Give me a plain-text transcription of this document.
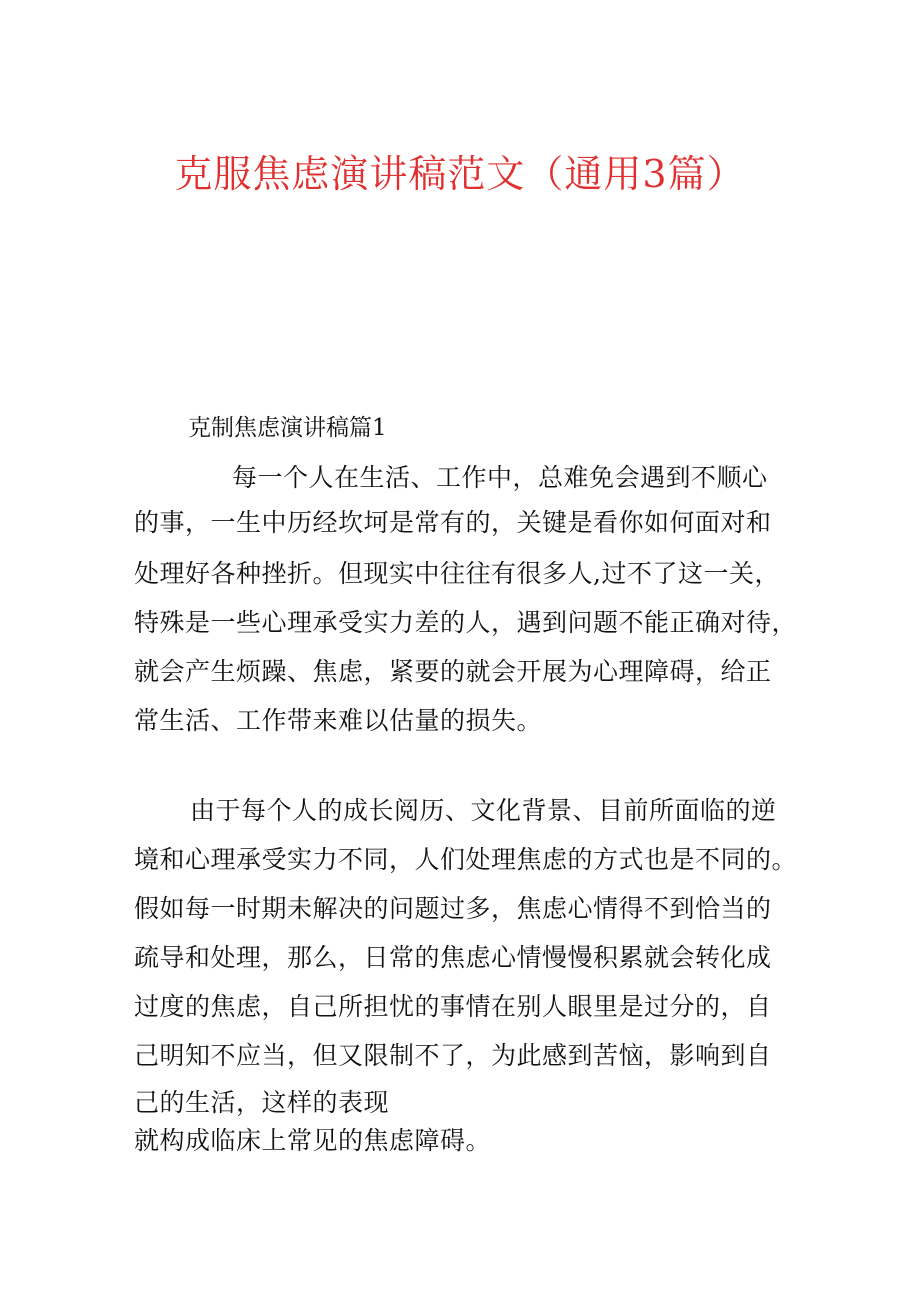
克服焦虑演讲稿范文（通用3篇）
克制焦虑演讲稿篇1
每一个人在生活、工作中，总难免会遇到不顺心
的事，一生中历经坎坷是常有的，关键是看你如何面对和
处理好各种挫折。但现实中往往有很多人,过不了这一关，
特殊是一些心理承受实力差的人，遇到问题不能正确对待，
就会产生烦躁、焦虑，紧要的就会开展为心理障碍，给正
常生活、工作带来难以估量的损失。
由于每个人的成长阅历、文化背景、目前所面临的逆
境和心理承受实力不同，人们处理焦虑的方式也是不同的。
假如每一时期未解决的问题过多，焦虑心情得不到恰当的
疏导和处理，那么，日常的焦虑心情慢慢积累就会转化成
过度的焦虑，自己所担忧的事情在别人眼里是过分的，自
己明知不应当，但又限制不了，为此感到苦恼，影响到自
己的生活，这样的表现
就构成临床上常见的焦虑障碍。
